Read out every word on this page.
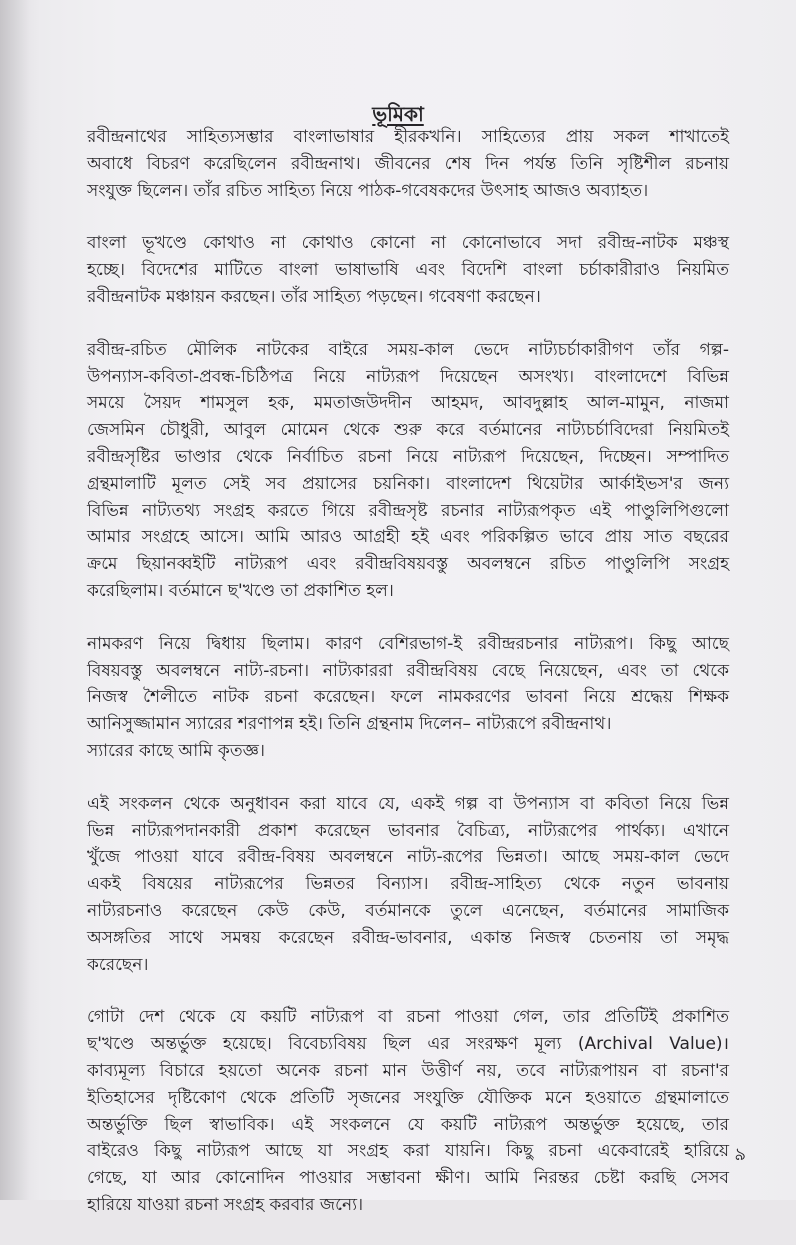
ভূমিকা
রবীন্দ্রনাথের সাহিত্যসম্ভার বাংলাভাষার হীরকখনি। সাহিত্যের প্রায় সকল শাখাতেই
অবাধে বিচরণ করেছিলেন রবীন্দ্রনাথ। জীবনের শেষ দিন পর্যন্ত তিনি সৃষ্টিশীল রচনায়
সংযুক্ত ছিলেন। তাঁর রচিত সাহিত্য নিয়ে পাঠক-গবেষকদের উৎসাহ আজও অব্যাহত।
বাংলা ভূখণ্ডে কোথাও না কোথাও কোনো না কোনোভাবে সদা রবীন্দ্র-নাটক মঞ্চস্থ
হচ্ছে। বিদেশের মাটিতে বাংলা ভাষাভাষি এবং বিদেশি বাংলা চর্চাকারীরাও নিয়মিত
রবীন্দ্রনাটক মঞ্চায়ন করছেন। তাঁর সাহিত্য পড়ছেন। গবেষণা করছেন।
রবীন্দ্র-রচিত মৌলিক নাটকের বাইরে সময়-কাল ভেদে নাট্যচর্চাকারীগণ তাঁর গল্প-
উপন্যাস-কবিতা-প্রবন্ধ-চিঠিপত্র নিয়ে নাট্যরূপ দিয়েছেন অসংখ্য। বাংলাদেশে বিভিন্ন
সময়ে সৈয়দ শামসুল হক, মমতাজউদদীন আহমদ, আবদুল্লাহ আল-মামুন, নাজমা
জেসমিন চৌধুরী, আবুল মোমেন থেকে শুরু করে বর্তমানের নাট্যচর্চাবিদেরা নিয়মিতই
রবীন্দ্রসৃষ্টির ভাণ্ডার থেকে নির্বাচিত রচনা নিয়ে নাট্যরূপ দিয়েছেন, দিচ্ছেন। সম্পাদিত
গ্রন্থমালাটি মূলত সেই সব প্রয়াসের চয়নিকা। বাংলাদেশ থিয়েটার আর্কাইভস'র জন্য
বিভিন্ন নাট্যতথ্য সংগ্রহ করতে গিয়ে রবীন্দ্রসৃষ্ট রচনার নাট্যরূপকৃত এই পাণ্ডুলিপিগুলো
আমার সংগ্রহে আসে। আমি আরও আগ্রহী হই এবং পরিকল্পিত ভাবে প্রায় সাত বছরের
ক্রমে ছিয়ানব্বইটি নাট্যরূপ এবং রবীন্দ্রবিষয়বস্তু অবলম্বনে রচিত পাণ্ডুলিপি সংগ্রহ
করেছিলাম। বর্তমানে ছ'খণ্ডে তা প্রকাশিত হল।
নামকরণ নিয়ে দ্বিধায় ছিলাম। কারণ বেশিরভাগ-ই রবীন্দ্ররচনার নাট্যরূপ। কিছু আছে
বিষয়বস্তু অবলম্বনে নাট্য-রচনা। নাট্যকাররা রবীন্দ্রবিষয় বেছে নিয়েছেন, এবং তা থেকে
নিজস্ব শৈলীতে নাটক রচনা করেছেন। ফলে নামকরণের ভাবনা নিয়ে শ্রদ্ধেয় শিক্ষক
আনিসুজ্জামান স্যারের শরণাপন্ন হই। তিনি গ্রন্থনাম দিলেন– নাট্যরূপে রবীন্দ্রনাথ।
স্যারের কাছে আমি কৃতজ্ঞ।
এই সংকলন থেকে অনুধাবন করা যাবে যে, একই গল্প বা উপন্যাস বা কবিতা নিয়ে ভিন্ন
ভিন্ন নাট্যরূপদানকারী প্রকাশ করেছেন ভাবনার বৈচিত্র্য, নাট্যরূপের পার্থক্য। এখানে
খুঁজে পাওয়া যাবে রবীন্দ্র-বিষয় অবলম্বনে নাট্য-রূপের ভিন্নতা। আছে সময়-কাল ভেদে
একই বিষয়ের নাট্যরূপের ভিন্নতর বিন্যাস। রবীন্দ্র-সাহিত্য থেকে নতুন ভাবনায়
নাট্যরচনাও করেছেন কেউ কেউ, বর্তমানকে তুলে এনেছেন, বর্তমানের সামাজিক
অসঙ্গতির সাথে সমন্বয় করেছেন রবীন্দ্র-ভাবনার, একান্ত নিজস্ব চেতনায় তা সমৃদ্ধ
করেছেন।
গোটা দেশ থেকে যে কয়টি নাট্যরূপ বা রচনা পাওয়া গেল, তার প্রতিটিই প্রকাশিত
ছ'খণ্ডে অন্তর্ভুক্ত হয়েছে। বিবেচ্যবিষয় ছিল এর সংরক্ষণ মূল্য (Archival Value)।
কাব্যমূল্য বিচারে হয়তো অনেক রচনা মান উত্তীর্ণ নয়, তবে নাট্যরূপায়ন বা রচনা'র
ইতিহাসের দৃষ্টিকোণ থেকে প্রতিটি সৃজনের সংযুক্তি যৌক্তিক মনে হওয়াতে গ্রন্থমালাতে
অন্তর্ভুক্তি ছিল স্বাভাবিক। এই সংকলনে যে কয়টি নাট্যরূপ অন্তর্ভুক্ত হয়েছে, তার
বাইরেও কিছু নাট্যরূপ আছে যা সংগ্রহ করা যায়নি। কিছু রচনা একেবারেই হারিয়ে
গেছে, যা আর কোনোদিন পাওয়ার সম্ভাবনা ক্ষীণ। আমি নিরন্তর চেষ্টা করছি সেসব
হারিয়ে যাওয়া রচনা সংগ্রহ করবার জন্যে।
৯
